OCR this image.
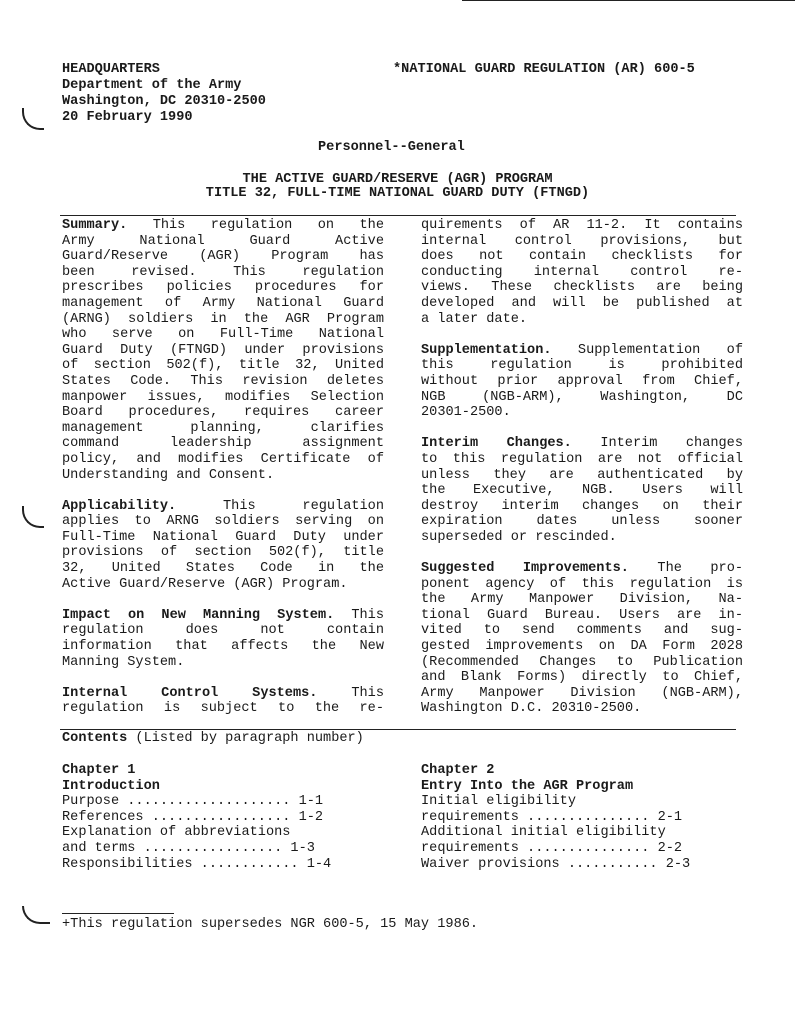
HEADQUARTERS
Department of the Army
Washington, DC 20310-2500
20 February 1990
*NATIONAL GUARD REGULATION (AR) 600-5
Personnel--General
THE ACTIVE GUARD/RESERVE (AGR) PROGRAM
TITLE 32, FULL-TIME NATIONAL GUARD DUTY (FTNGD)
Summary. This regulation on the
Army National Guard Active
Guard/Reserve (AGR) Program has
been revised. This regulation
prescribes policies procedures for
management of Army National Guard
(ARNG) soldiers in the AGR Program
who serve on Full-Time National
Guard Duty (FTNGD) under provisions
of section 502(f), title 32, United
States Code. This revision deletes
manpower issues, modifies Selection
Board procedures, requires career
management planning, clarifies
command leadership assignment
policy, and modifies Certificate of
Understanding and Consent.
Applicability. This regulation
applies to ARNG soldiers serving on
Full-Time National Guard Duty under
provisions of section 502(f), title
32, United States Code in the
Active Guard/Reserve (AGR) Program.
Impact on New Manning System. This
regulation does not contain
information that affects the New
Manning System.
Internal Control Systems. This
regulation is subject to the re-
quirements of AR 11-2. It contains
internal control provisions, but
does not contain checklists for
conducting internal control re-
views. These checklists are being
developed and will be published at
a later date.
Supplementation. Supplementation of
this regulation is prohibited
without prior approval from Chief,
NGB (NGB-ARM), Washington, DC
20301-2500.
Interim Changes. Interim changes
to this regulation are not official
unless they are authenticated by
the Executive, NGB. Users will
destroy interim changes on their
expiration dates unless sooner
superseded or rescinded.
Suggested Improvements. The pro-
ponent agency of this regulation is
the Army Manpower Division, Na-
tional Guard Bureau. Users are in-
vited to send comments and sug-
gested improvements on DA Form 2028
(Recommended Changes to Publication
and Blank Forms) directly to Chief,
Army Manpower Division (NGB-ARM),
Washington D.C. 20310-2500.
Contents (Listed by paragraph number)
Chapter 1
Introduction
Purpose .................... 1-1
References ................. 1-2
Explanation of abbreviations
and terms ................. 1-3
Responsibilities ............ 1-4
Chapter 2
Entry Into the AGR Program
Initial eligibility
requirements ............... 2-1
Additional initial eligibility
requirements ............... 2-2
Waiver provisions ........... 2-3
+This regulation supersedes NGR 600-5, 15 May 1986.
